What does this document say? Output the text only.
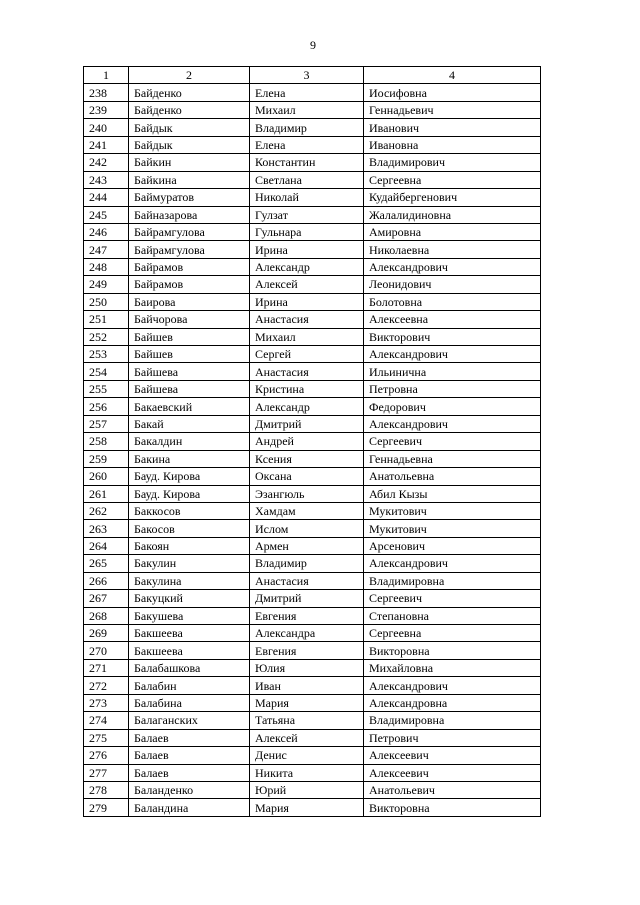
9
1	2	3	4
238	Байденко	Елена	Иосифовна
239	Байденко	Михаил	Геннадьевич
240	Байдык	Владимир	Иванович
241	Байдык	Елена	Ивановна
242	Байкин	Константин	Владимирович
243	Байкина	Светлана	Сергеевна
244	Баймуратов	Николай	Кудайбергенович
245	Байназарова	Гулзат	Жалалидиновна
246	Байрамгулова	Гульнара	Амировна
247	Байрамгулова	Ирина	Николаевна
248	Байрамов	Александр	Александрович
249	Байрамов	Алексей	Леонидович
250	Баирова	Ирина	Болотовна
251	Байчорова	Анастасия	Алексеевна
252	Байшев	Михаил	Викторович
253	Байшев	Сергей	Александрович
254	Байшева	Анастасия	Ильинична
255	Байшева	Кристина	Петровна
256	Бакаевский	Александр	Федорович
257	Бакай	Дмитрий	Александрович
258	Бакалдин	Андрей	Сергеевич
259	Бакина	Ксения	Геннадьевна
260	Бауд. Кирова	Оксана	Анатольевна
261	Бауд. Кирова	Эзангюль	Абил Кызы
262	Баккосов	Хамдам	Мукитович
263	Бакосов	Ислом	Мукитович
264	Бакоян	Армен	Арсенович
265	Бакулин	Владимир	Александрович
266	Бакулина	Анастасия	Владимировна
267	Бакуцкий	Дмитрий	Сергеевич
268	Бакушева	Евгения	Степановна
269	Бакшеева	Александра	Сергеевна
270	Бакшеева	Евгения	Викторовна
271	Балабашкова	Юлия	Михайловна
272	Балабин	Иван	Александрович
273	Балабина	Мария	Александровна
274	Балаганских	Татьяна	Владимировна
275	Балаев	Алексей	Петрович
276	Балаев	Денис	Алексеевич
277	Балаев	Никита	Алексеевич
278	Баланденко	Юрий	Анатольевич
279	Баландина	Мария	Викторовна
